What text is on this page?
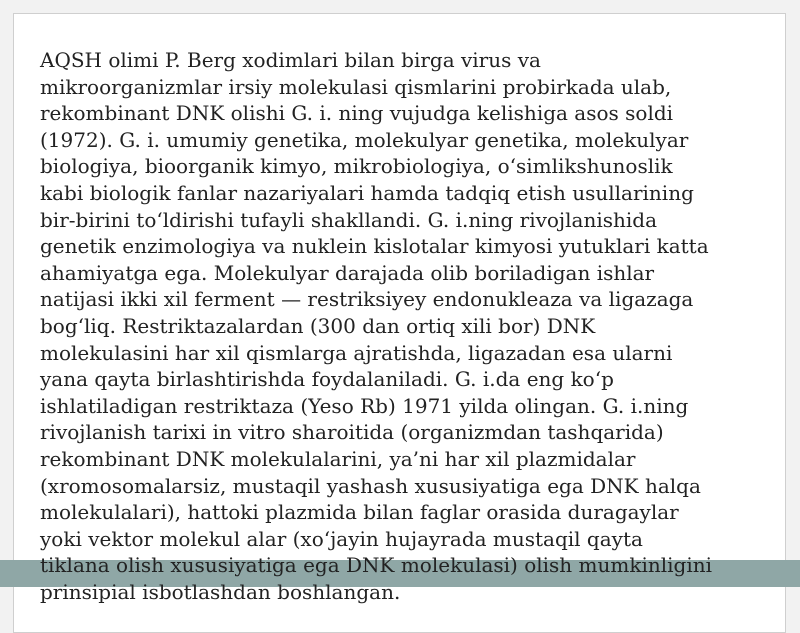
AQSH olimi P. Berg xodimlari bilan birga virus va
mikroorganizmlar irsiy molekulasi qismlarini probirkada ulab,
rekombinant DNK olishi G. i. ning vujudga kelishiga asos soldi
(1972). G. i. umumiy genetika, molekulyar genetika, molekulyar
biologiya, bioorganik kimyo, mikrobiologiya, o‘simlikshunoslik
kabi biologik fanlar nazariyalari hamda tadqiq etish usullarining
bir-birini to‘ldirishi tufayli shakllandi. G. i.ning rivojlanishida
genetik enzimologiya va nuklein kislotalar kimyosi yutuklari katta
ahamiyatga ega. Molekulyar darajada olib boriladigan ishlar
natijasi ikki xil ferment — restriksiyey endonukleaza va ligazaga
bog‘liq. Restriktazalardan (300 dan ortiq xili bor) DNK
molekulasini har xil qismlarga ajratishda, ligazadan esa ularni
yana qayta birlashtirishda foydalaniladi. G. i.da eng ko‘p
ishlatiladigan restriktaza (Yeso Rb) 1971 yilda olingan. G. i.ning
rivojlanish tarixi in vitro sharoitida (organizmdan tashqarida)
rekombinant DNK molekulalarini, ya’ni har xil plazmidalar
(xromosomalarsiz, mustaqil yashash xususiyatiga ega DNK halqa
molekulalari), hattoki plazmida bilan faglar orasida duragaylar
yoki vektor molekul alar (xo‘jayin hujayrada mustaqil qayta
tiklana olish xususiyatiga ega DNK molekulasi) olish mumkinligini
prinsipial isbotlashdan boshlangan.
